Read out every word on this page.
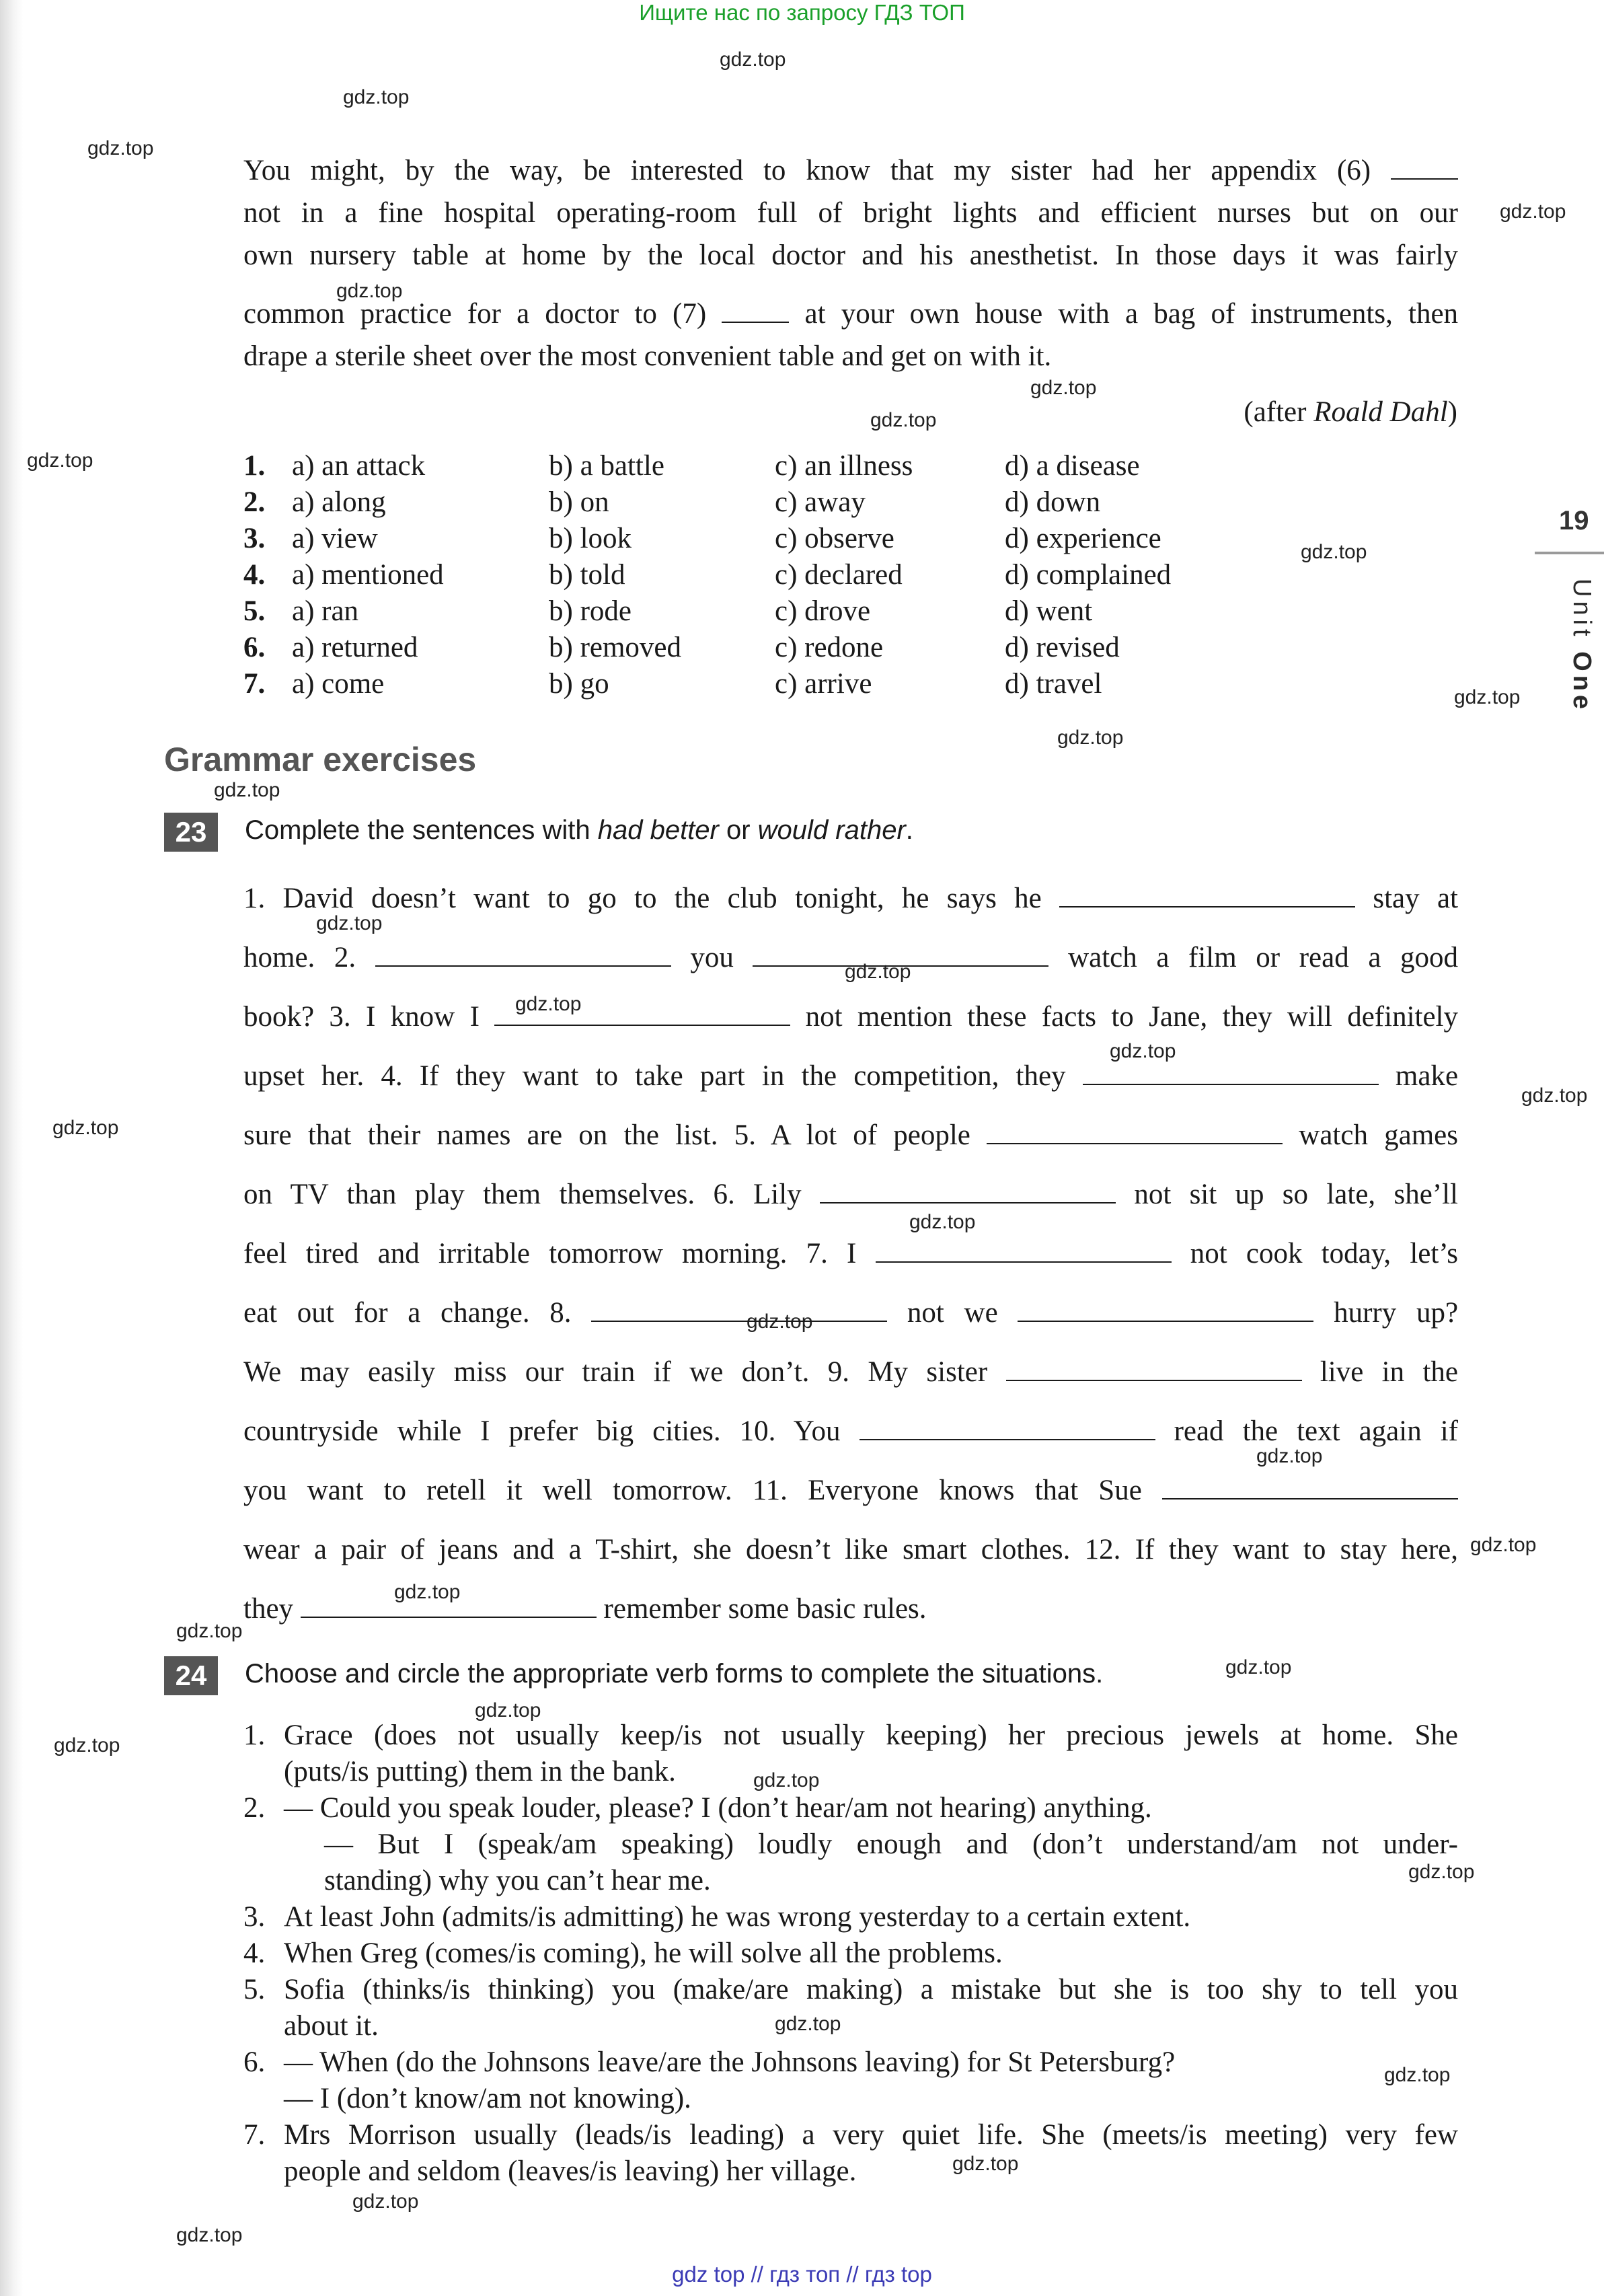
Ищите нас по запросу ГДЗ ТОП
gdz.top
gdz.top
gdz.top
gdz.top
gdz.top
gdz.top
gdz.top
gdz.top
gdz.top
gdz.top
gdz.top
gdz.top
gdz.top
gdz.top
gdz.top
gdz.top
gdz.top
gdz.top
gdz.top
gdz.top
gdz.top
gdz.top
gdz.top
gdz.top
gdz.top
gdz.top
gdz.top
gdz.top
gdz.top
gdz.top
gdz.top
gdz.top
gdz.top
gdz.top
19
Unit One
You might, by the way, be interested to know that my sister had her appendix (6)
not in a fine hospital operating-room full of bright lights and efficient nurses but on our
own nursery table at home by the local doctor and his anesthetist. In those days it was fairly
common practice for a doctor to (7)	at your own house with a bag of instruments, then
drape a sterile sheet over the most convenient table and get on with it.
(after Roald Dahl)
1. a) an attack	b) a battle	c) an illness	d) a disease
2. a) along	b) on	c) away	d) down
3. a) view	b) look	c) observe	d) experience
4. a) mentioned	b) told	c) declared	d) complained
5. a) ran	b) rode	c) drove	d) went
6. a) returned	b) removed	c) redone	d) revised
7. a) come	b) go	c) arrive	d) travel
Grammar exercises
23	Complete the sentences with had better or would rather.
1. David doesn’t want to go to the club tonight, he says he	stay at
home. 2.	you	watch a film or read a good
book? 3. I know I	not mention these facts to Jane, they will definitely
upset her. 4. If they want to take part in the competition, they	make
sure that their names are on the list. 5. A lot of people	watch games
on TV than play them themselves. 6. Lily	not sit up so late, she’ll
feel tired and irritable tomorrow morning. 7. I	not cook today, let’s
eat out for a change. 8.	not we	hurry up?
We may easily miss our train if we don’t. 9. My sister	live in the
countryside while I prefer big cities. 10. You	read the text again if
you want to retell it well tomorrow. 11. Everyone knows that Sue
wear a pair of jeans and a T-shirt, she doesn’t like smart clothes. 12. If they want to stay here,
they	remember some basic rules.
24	Choose and circle the appropriate verb forms to complete the situations.
1. Grace (does not usually keep/is not usually keeping) her precious jewels at home. She
(puts/is putting) them in the bank.
2. — Could you speak louder, please? I (don’t hear/am not hearing) anything.
— But I (speak/am speaking) loudly enough and (don’t understand/am not under-
standing) why you can’t hear me.
3. At least John (admits/is admitting) he was wrong yesterday to a certain extent.
4. When Greg (comes/is coming), he will solve all the problems.
5. Sofia (thinks/is thinking) you (make/are making) a mistake but she is too shy to tell you
about it.
6. — When (do the Johnsons leave/are the Johnsons leaving) for St Petersburg?
— I (don’t know/am not knowing).
7. Mrs Morrison usually (leads/is leading) a very quiet life. She (meets/is meeting) very few
people and seldom (leaves/is leaving) her village.
gdz top // гдз топ // гдз top
